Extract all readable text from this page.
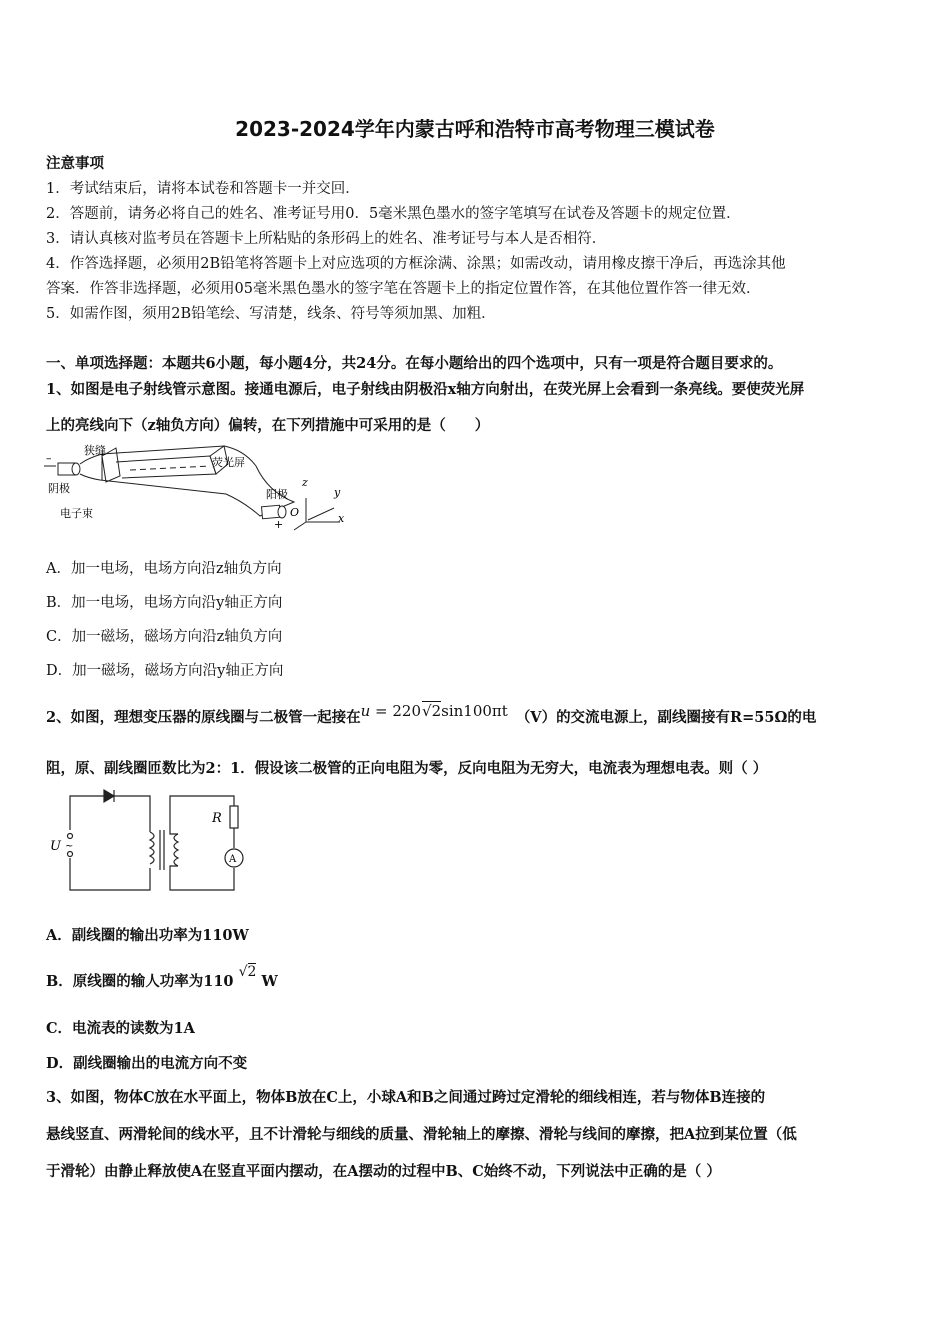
2023-2024学年内蒙古呼和浩特市高考物理三模试卷
注意事项
1．考试结束后，请将本试卷和答题卡一并交回．
2．答题前，请务必将自己的姓名、准考证号用0．5毫米黑色墨水的签字笔填写在试卷及答题卡的规定位置．
3．请认真核对监考员在答题卡上所粘贴的条形码上的姓名、准考证号与本人是否相符．
4．作答选择题，必须用2B铅笔将答题卡上对应选项的方框涂满、涂黑；如需改动，请用橡皮擦干净后，再选涂其他
答案．作答非选择题，必须用05毫米黑色墨水的签字笔在答题卡上的指定位置作答，在其他位置作答一律无效．
5．如需作图，须用2B铅笔绘、写清楚，线条、符号等须加黑、加粗．
一、单项选择题：本题共6小题，每小题4分，共24分。在每小题给出的四个选项中，只有一项是符合题目要求的。
1、如图是电子射线管示意图。接通电源后，电子射线由阴极沿x轴方向射出，在荧光屏上会看到一条亮线。要使荧光屏
上的亮线向下（z轴负方向）偏转，在下列措施中可采用的是（　　）
–
狭缝
荧光屏
阴极	阳极
电子束
+
z
y
x
O
A．加一电场，电场方向沿z轴负方向
B．加一电场，电场方向沿y轴正方向
C．加一磁场，磁场方向沿z轴负方向
D．加一磁场，磁场方向沿y轴正方向
2、如图，理想变压器的原线圈与二极管一起接在u = 220√2sin100πt （V）的交流电源上，副线圈接有R=55Ω的电
阻，原、副线圈匝数比为2：1．假设该二极管的正向电阻为零，反向电阻为无穷大，电流表为理想电表。则（ ）
U ~
R
A
A．副线圈的输出功率为110W
B．原线圈的输人功率为110 √2 W
C．电流表的读数为1A
D．副线圈输出的电流方向不变
3、如图，物体C放在水平面上，物体B放在C上，小球A和B之间通过跨过定滑轮的细线相连，若与物体B连接的
悬线竖直、两滑轮间的线水平，且不计滑轮与细线的质量、滑轮轴上的摩擦、滑轮与线间的摩擦，把A拉到某位置（低
于滑轮）由静止释放使A在竖直平面内摆动，在A摆动的过程中B、C始终不动，下列说法中正确的是（ ）
